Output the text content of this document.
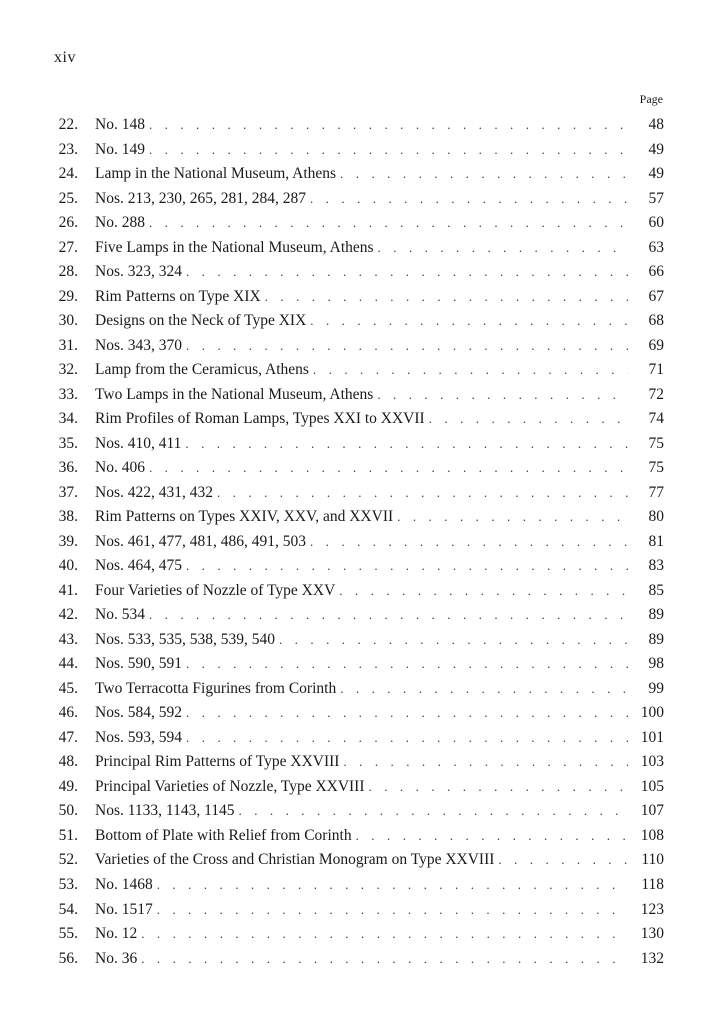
xiv
Page
22. No. 148 . . .	48
23. No. 149 . . .	49
24. Lamp in the National Museum, Athens . . .	49
25. Nos. 213, 230, 265, 281, 284, 287 . . .	57
26. No. 288 . . .	60
27. Five Lamps in the National Museum, Athens . . .	63
28. Nos. 323, 324 . . .	66
29. Rim Patterns on Type XIX . . .	67
30. Designs on the Neck of Type XIX . . .	68
31. Nos. 343, 370 . . .	69
32. Lamp from the Ceramicus, Athens . . .	71
33. Two Lamps in the National Museum, Athens . . .	72
34. Rim Profiles of Roman Lamps, Types XXI to XXVII . . .	74
35. Nos. 410, 411 . . .	75
36. No. 406 . . .	75
37. Nos. 422, 431, 432 . . .	77
38. Rim Patterns on Types XXIV, XXV, and XXVII . . .	80
39. Nos. 461, 477, 481, 486, 491, 503 . . .	81
40. Nos. 464, 475 . . .	83
41. Four Varieties of Nozzle of Type XXV . . .	85
42. No. 534 . . .	89
43. Nos. 533, 535, 538, 539, 540 . . .	89
44. Nos. 590, 591 . . .	98
45. Two Terracotta Figurines from Corinth . . .	99
46. Nos. 584, 592 . . .	100
47. Nos. 593, 594 . . .	101
48. Principal Rim Patterns of Type XXVIII . . .	103
49. Principal Varieties of Nozzle, Type XXVIII . . .	105
50. Nos. 1133, 1143, 1145 . . .	107
51. Bottom of Plate with Relief from Corinth . . .	108
52. Varieties of the Cross and Christian Monogram on Type XXVIII . . .	110
53. No. 1468 . . .	118
54. No. 1517 . . .	123
55. No. 12 . . .	130
56. No. 36 . . .	132
